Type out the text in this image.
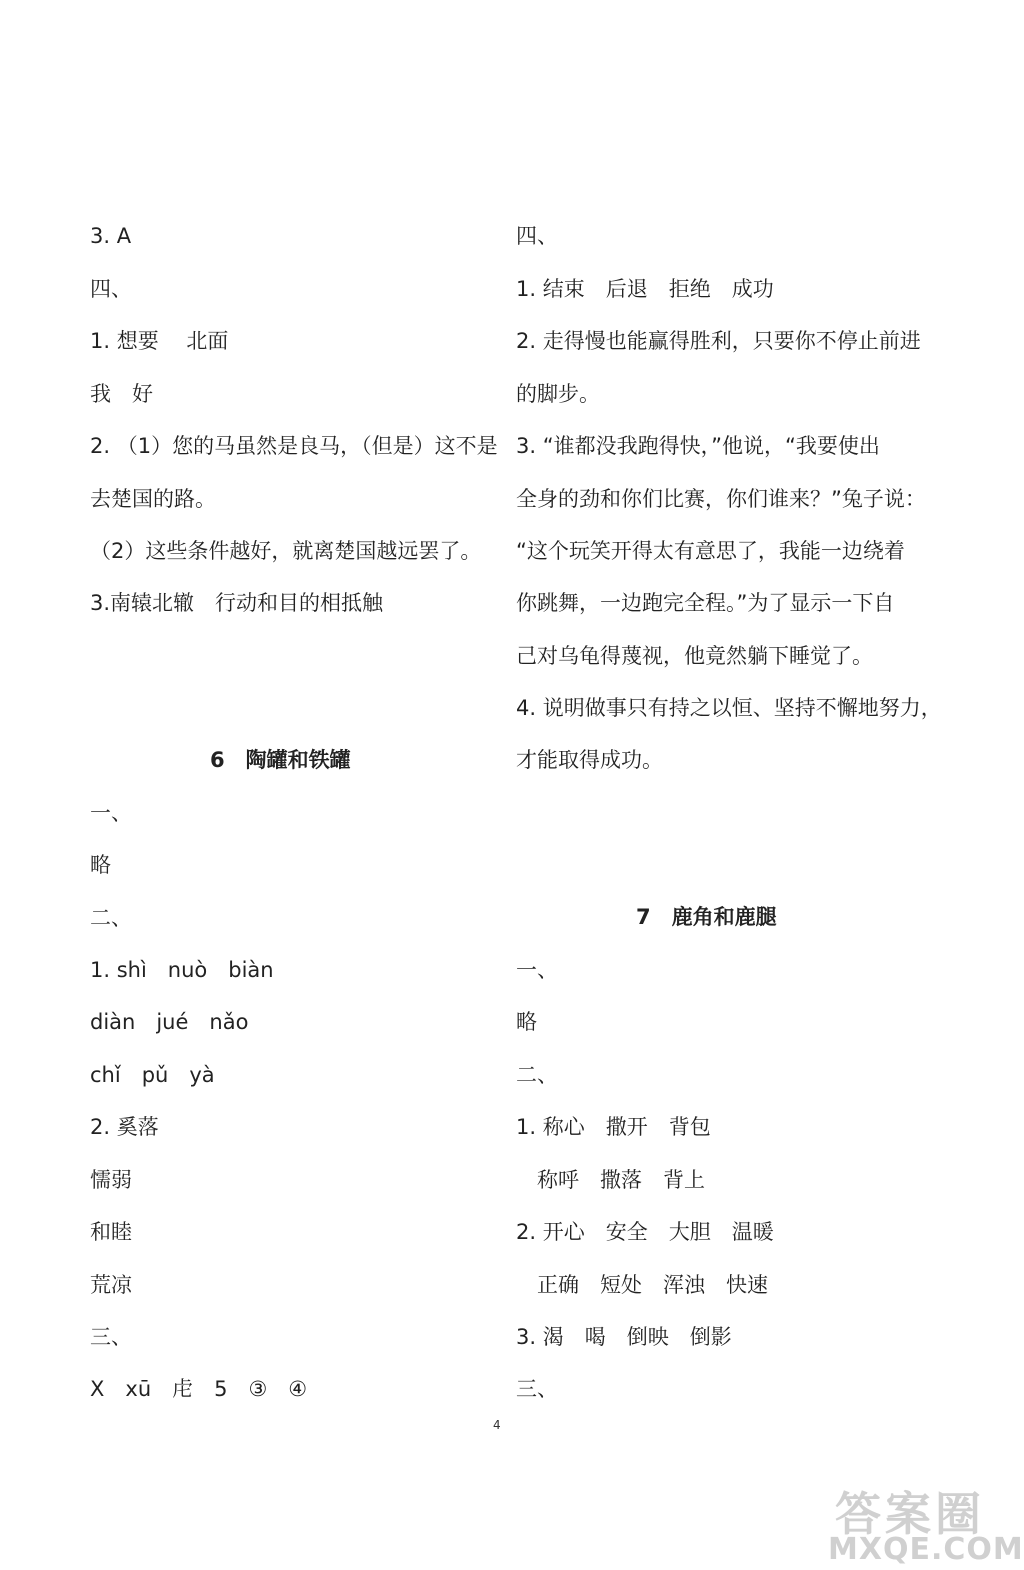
3. A
四、
1. 想要　 北面
我　好
2. （1）您的马虽然是良马，（但是）这不是
去楚国的路。
（2）这些条件越好，就离楚国越远罢了。
3.南辕北辙　行动和目的相抵触
6　陶罐和铁罐
一、
略
二、
1. shì　nuò　biàn
diàn　jué　nǎo
chǐ　pǔ　yà
2. 奚落
懦弱
和睦
荒凉
三、
X　xū　虍　5　③　④
四、
1. 结束　后退　拒绝　成功
2. 走得慢也能赢得胜利，只要你不停止前进
的脚步。
3. “谁都没我跑得快，”他说，“我要使出
全身的劲和你们比赛，你们谁来？”兔子说：
“这个玩笑开得太有意思了，我能一边绕着
你跳舞，一边跑完全程。”为了显示一下自
己对乌龟得蔑视，他竟然躺下睡觉了。
4. 说明做事只有持之以恒、坚持不懈地努力，
才能取得成功。
7　鹿角和鹿腿
一、
略
二、
1. 称心　撒开　背包
　称呼　撒落　背上
2. 开心　安全　大胆　温暖
　正确　短处　浑浊　快速
3. 渴　喝　倒映　倒影
三、
4
答案圈
MXQE.COM
